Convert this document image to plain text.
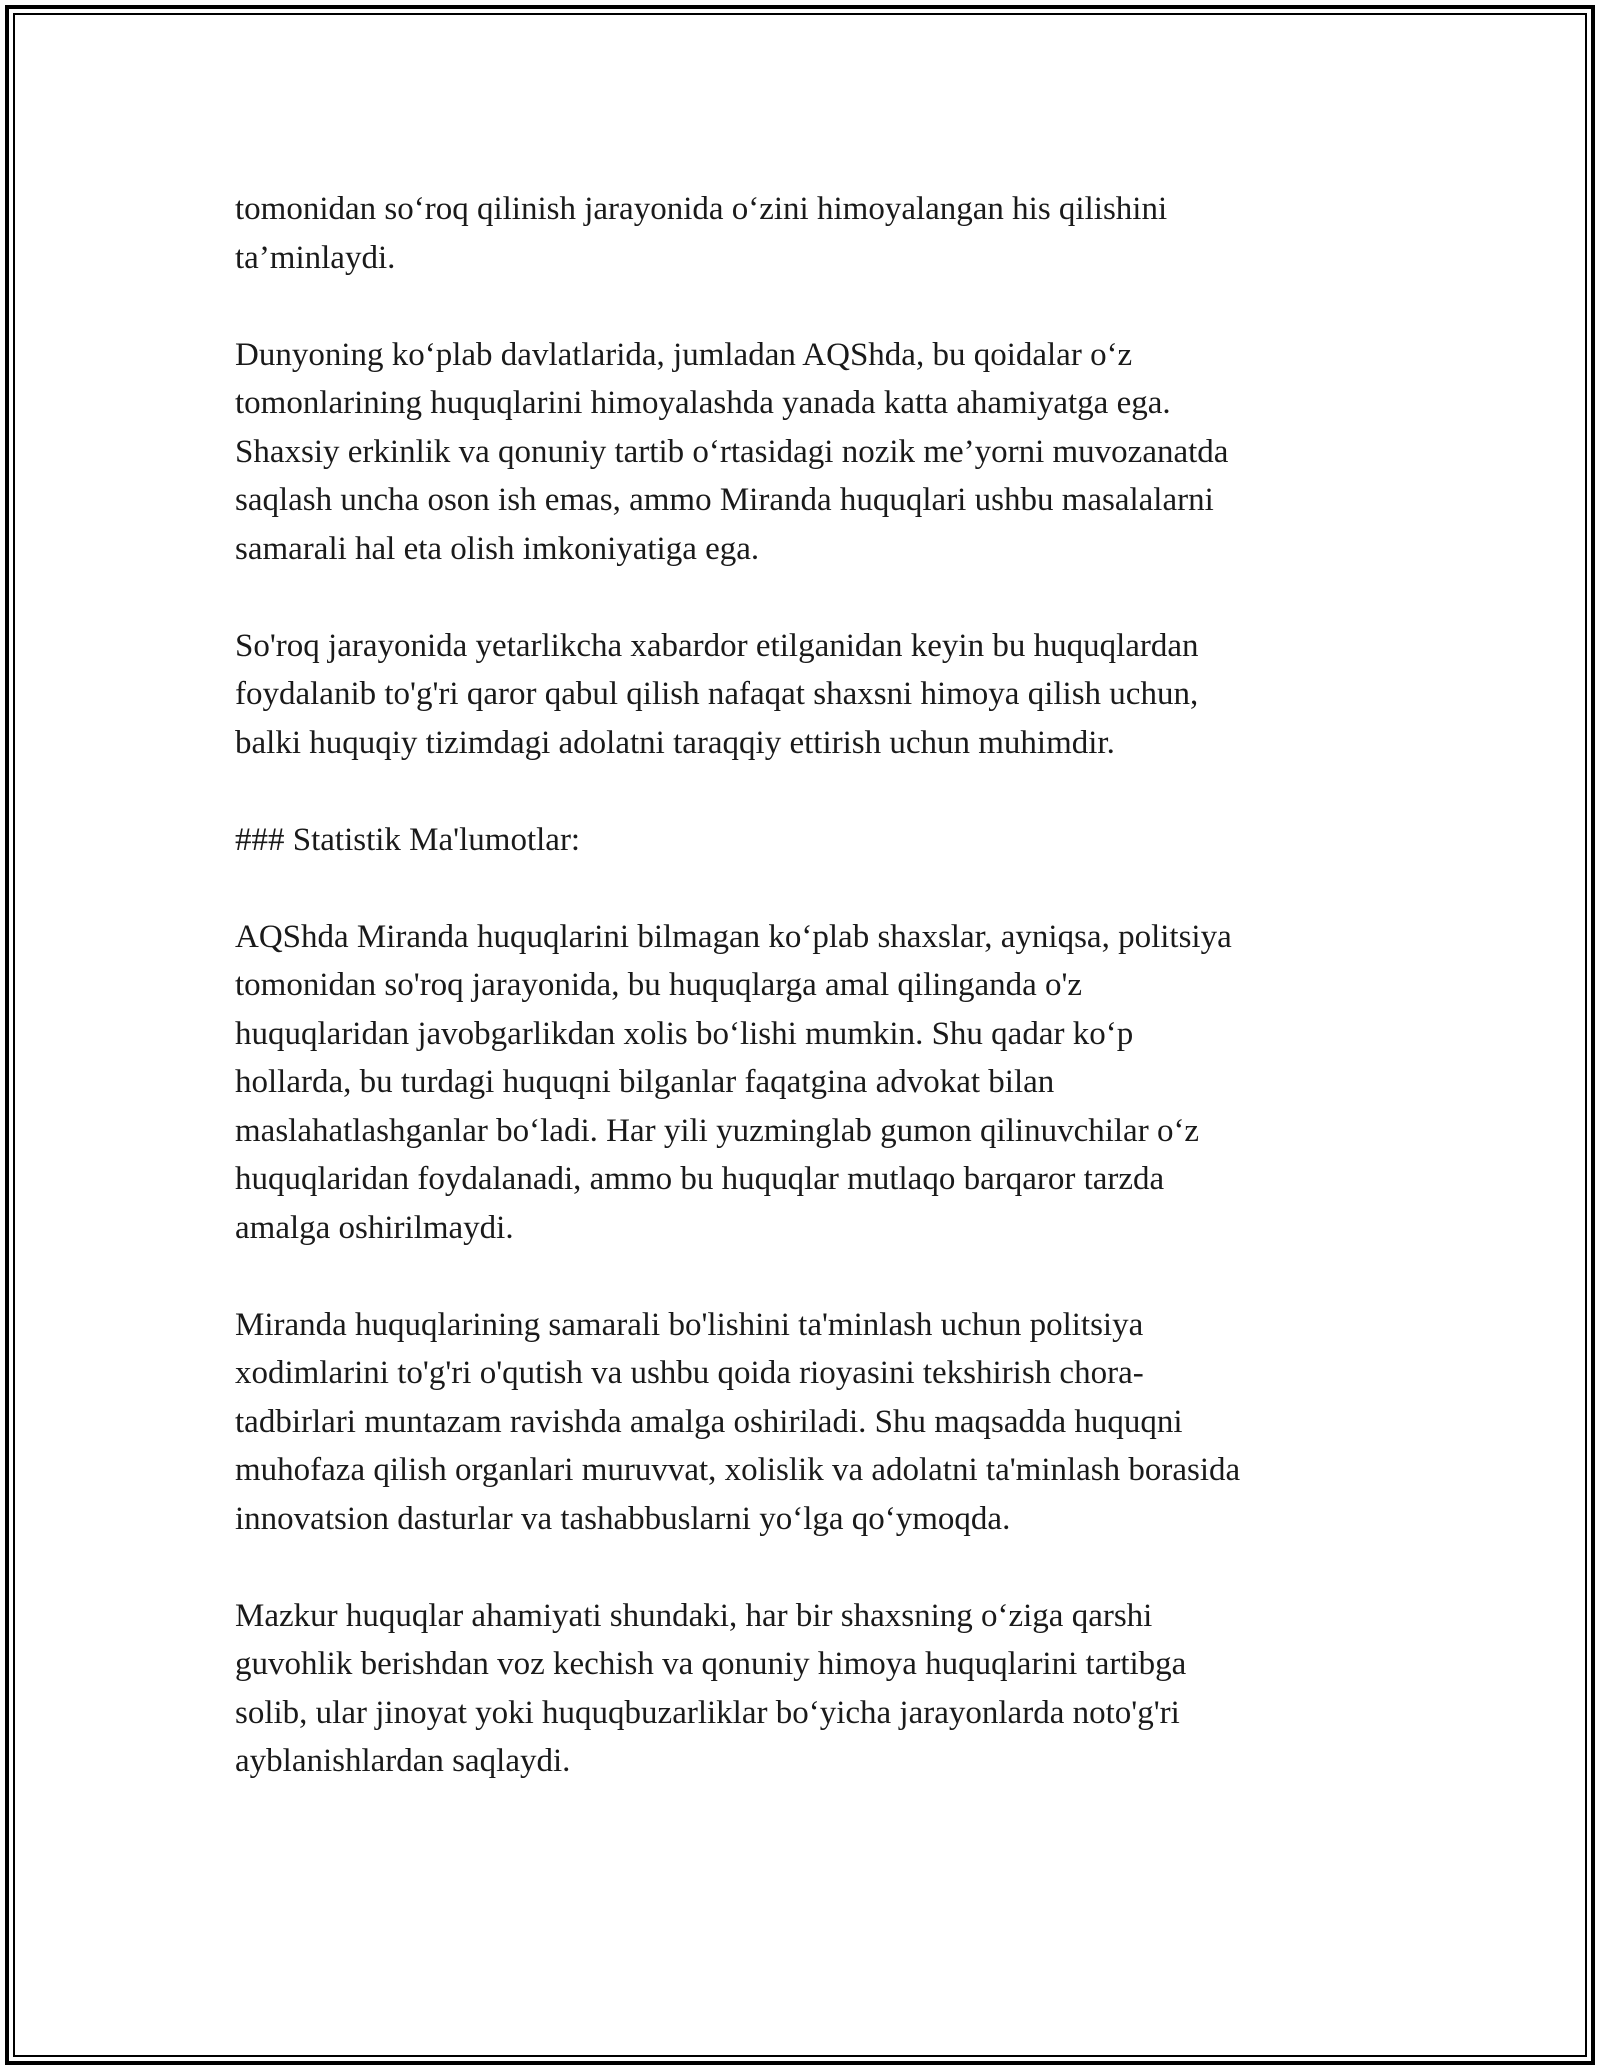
tomonidan so‘roq qilinish jarayonida o‘zini himoyalangan his qilishini
ta’minlaydi.

Dunyoning ko‘plab davlatlarida, jumladan AQShda, bu qoidalar o‘z
tomonlarining huquqlarini himoyalashda yanada katta ahamiyatga ega.
Shaxsiy erkinlik va qonuniy tartib o‘rtasidagi nozik me’yorni muvozanatda
saqlash uncha oson ish emas, ammo Miranda huquqlari ushbu masalalarni
samarali hal eta olish imkoniyatiga ega.

So'roq jarayonida yetarlikcha xabardor etilganidan keyin bu huquqlardan
foydalanib to'g'ri qaror qabul qilish nafaqat shaxsni himoya qilish uchun,
balki huquqiy tizimdagi adolatni taraqqiy ettirish uchun muhimdir.

### Statistik Ma'lumotlar:

AQShda Miranda huquqlarini bilmagan ko‘plab shaxslar, ayniqsa, politsiya
tomonidan so'roq jarayonida, bu huquqlarga amal qilinganda o'z
huquqlaridan javobgarlikdan xolis bo‘lishi mumkin. Shu qadar ko‘p
hollarda, bu turdagi huquqni bilganlar faqatgina advokat bilan
maslahatlashganlar bo‘ladi. Har yili yuzminglab gumon qilinuvchilar o‘z
huquqlaridan foydalanadi, ammo bu huquqlar mutlaqo barqaror tarzda
amalga oshirilmaydi.

Miranda huquqlarining samarali bo'lishini ta'minlash uchun politsiya
xodimlarini to'g'ri o'qutish va ushbu qoida rioyasini tekshirish chora-
tadbirlari muntazam ravishda amalga oshiriladi. Shu maqsadda huquqni
muhofaza qilish organlari muruvvat, xolislik va adolatni ta'minlash borasida
innovatsion dasturlar va tashabbuslarni yo‘lga qo‘ymoqda.

Mazkur huquqlar ahamiyati shundaki, har bir shaxsning o‘ziga qarshi
guvohlik berishdan voz kechish va qonuniy himoya huquqlarini tartibga
solib, ular jinoyat yoki huquqbuzarliklar bo‘yicha jarayonlarda noto'g'ri
ayblanishlardan saqlaydi.
